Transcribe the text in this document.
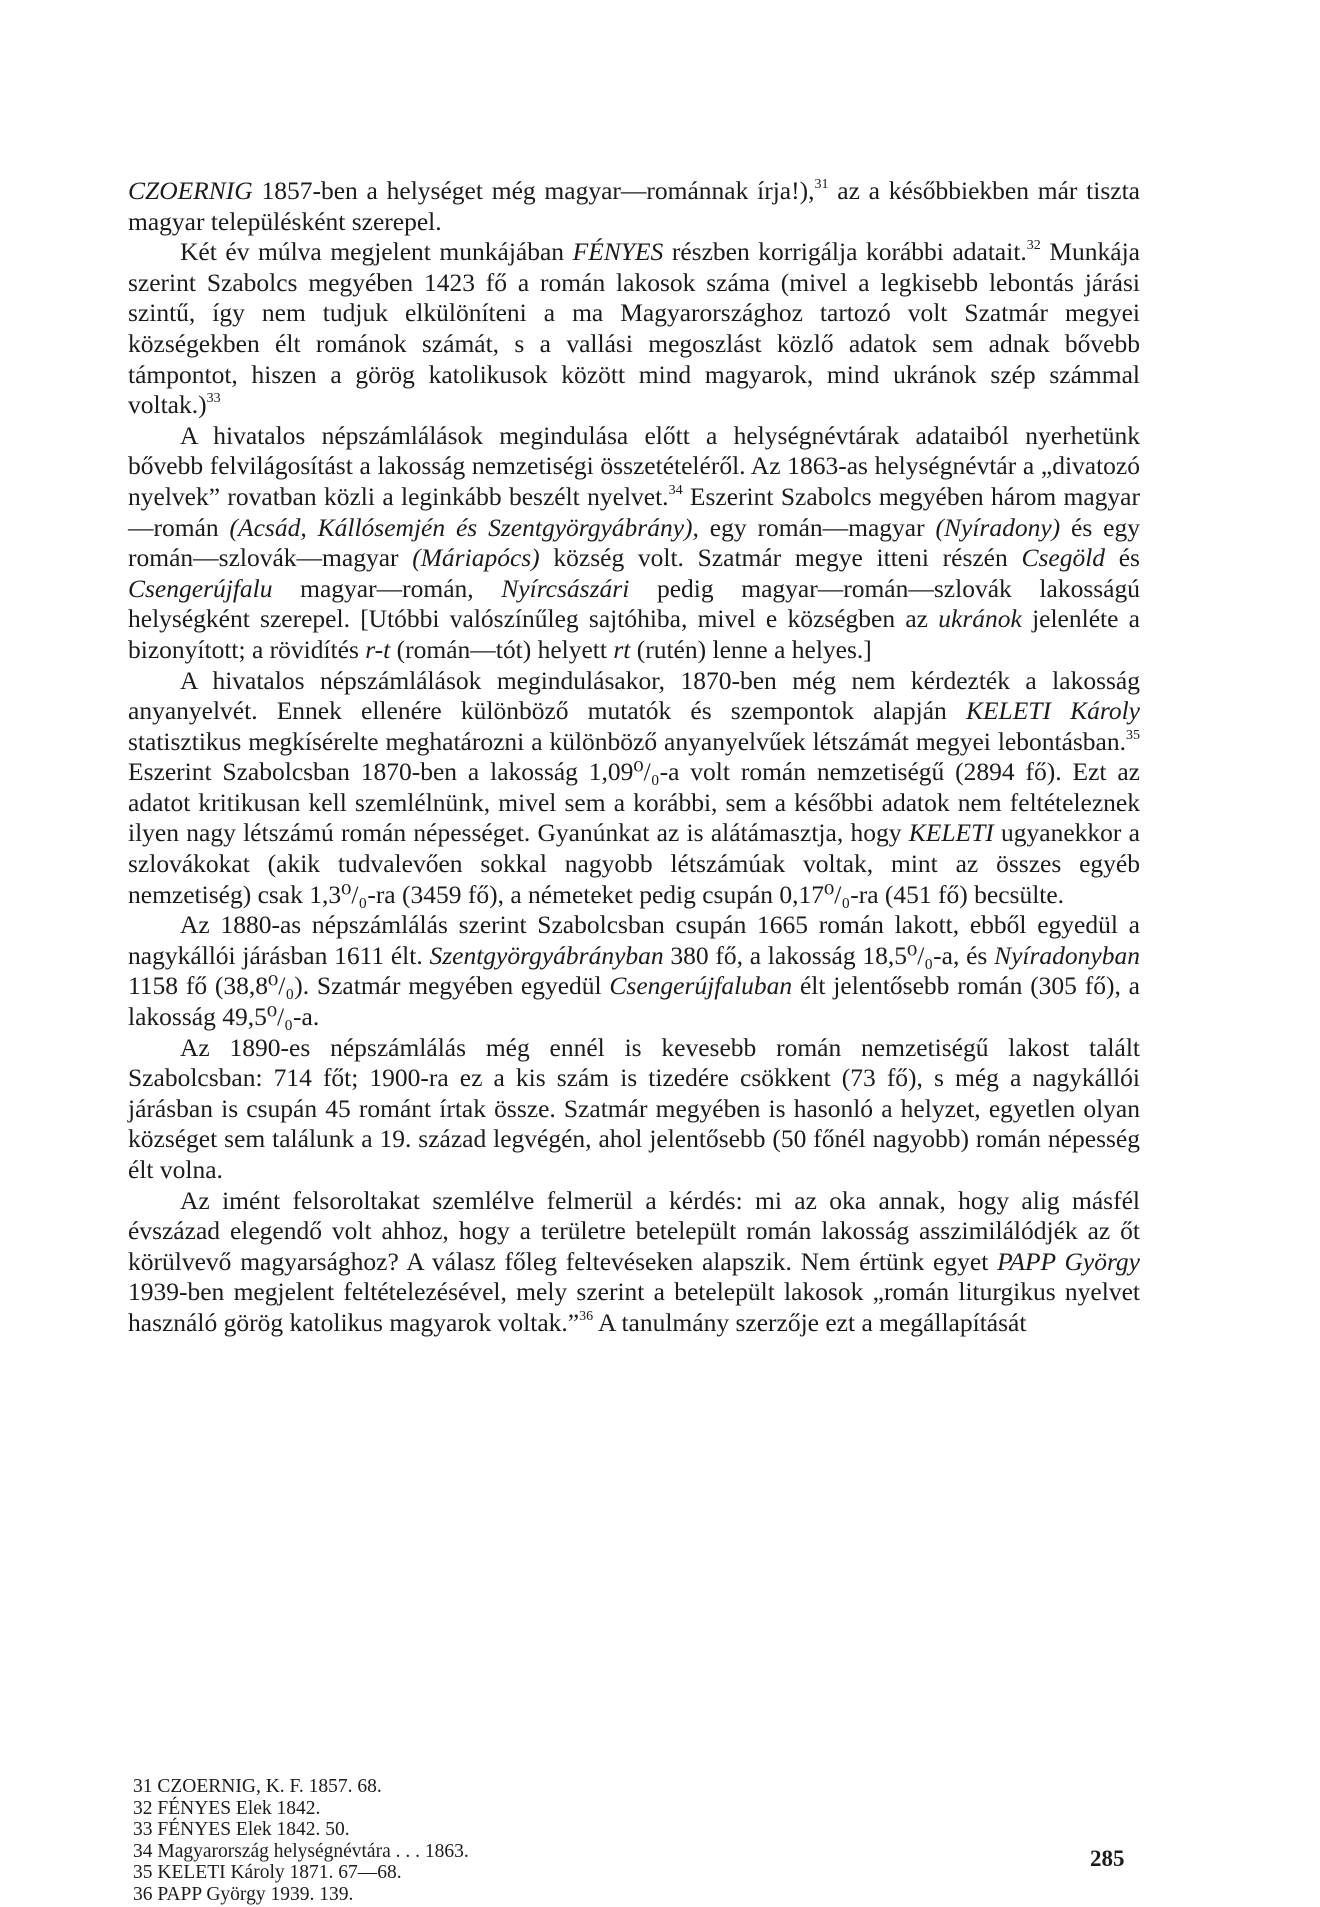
CZOERNIG 1857-ben a helységet még magyar—románnak írja!),$^{31}$ az a későbbiekben már tiszta magyar településként szerepel.

Két év múlva megjelent munkájában FÉNYES részben korrigálja korábbi adatait.$^{32}$ Munkája szerint Szabolcs megyében 1423 fő a román lakosok száma (mivel a legkisebb lebontás járási szintű, így nem tudjuk elkülöníteni a ma Magyarországhoz tartozó volt Szatmár megyei községekben élt románok számát, s a vallási megoszlást közlő adatok sem adnak bővebb támpontot, hiszen a görög katolikusok között mind magyarok, mind ukránok szép számmal voltak.)$^{33}$

A hivatalos népszámlálások megindulása előtt a helységnévtárak adataiból nyerhetünk bővebb felvilágosítást a lakosság nemzetiségi összetételéről. Az 1863-as helységnévtár a „divatozó nyelvek” rovatban közli a leginkább beszélt nyelvet.$^{34}$ Eszerint Szabolcs megyében három magyar—román (Acsád, Kállósemjén és Szentgyörgyábrány), egy román—magyar (Nyíradony) és egy román—szlovák—magyar (Máriapócs) község volt. Szatmár megye itteni részén Csegöld és Csengerújfalu magyar—román, Nyírcsászári pedig magyar—román—szlovák lakosságú helységként szerepel. [Utóbbi valószínűleg sajtóhiba, mivel e községben az ukránok jelenléte a bizonyított; a rövidítés r-t (román—tót) helyett rt (rutén) lenne a helyes.]

A hivatalos népszámlálások megindulásakor, 1870-ben még nem kérdezték a lakosság anyanyelvét. Ennek ellenére különböző mutatók és szempontok alapján KELETI Károly statisztikus megkísérelte meghatározni a különböző anyanyelvűek létszámát megyei lebontásban.$^{35}$ Eszerint Szabolcsban 1870-ben a lakosság 1,09⁰/₀-a volt román nemzetiségű (2894 fő). Ezt az adatot kritikusan kell szemlélnünk, mivel sem a korábbi, sem a későbbi adatok nem feltételeznek ilyen nagy létszámú román népességet. Gyanúnkat az is alátámasztja, hogy KELETI ugyanekkor a szlovákokat (akik tudvalevően sokkal nagyobb létszámúak voltak, mint az összes egyéb nemzetiség) csak 1,3⁰/₀-ra (3459 fő), a németeket pedig csupán 0,17⁰/₀-ra (451 fő) becsülte.

Az 1880-as népszámlálás szerint Szabolcsban csupán 1665 román lakott, ebből egyedül a nagykállói járásban 1611 élt. Szentgyörgyábrányban 380 fő, a lakosság 18,5⁰/₀-a, és Nyíradonyban 1158 fő (38,8⁰/₀). Szatmár megyében egyedül Csengerújfaluban élt jelentősebb román (305 fő), a lakosság 49,5⁰/₀-a.

Az 1890-es népszámlálás még ennél is kevesebb román nemzetiségű lakost talált Szabolcsban: 714 főt; 1900-ra ez a kis szám is tizedére csökkent (73 fő), s még a nagykállói járásban is csupán 45 románt írtak össze. Szatmár megyében is hasonló a helyzet, egyetlen olyan községet sem találunk a 19. század legvégén, ahol jelentősebb (50 főnél nagyobb) román népesség élt volna.

Az imént felsoroltakat szemlélve felmerül a kérdés: mi az oka annak, hogy alig másfél évszázad elegendő volt ahhoz, hogy a területre betelepült román lakosság asszimilálódjék az őt körülvevő magyarsághoz? A válasz főleg feltevéseken alapszik. Nem értünk egyet PAPP György 1939-ben megjelent feltételezésével, mely szerint a betelepült lakosok „román liturgikus nyelvet használó görög katolikus magyarok voltak.”$^{36}$ A tanulmány szerzője ezt a megállapítását

31 CZOERNIG, K. F. 1857. 68.
32 FÉNYES Elek 1842.
33 FÉNYES Elek 1842. 50.
34 Magyarország helységnévtára . . . 1863.
35 KELETI Károly 1871. 67—68.
36 PAPP György 1939. 139.
285
